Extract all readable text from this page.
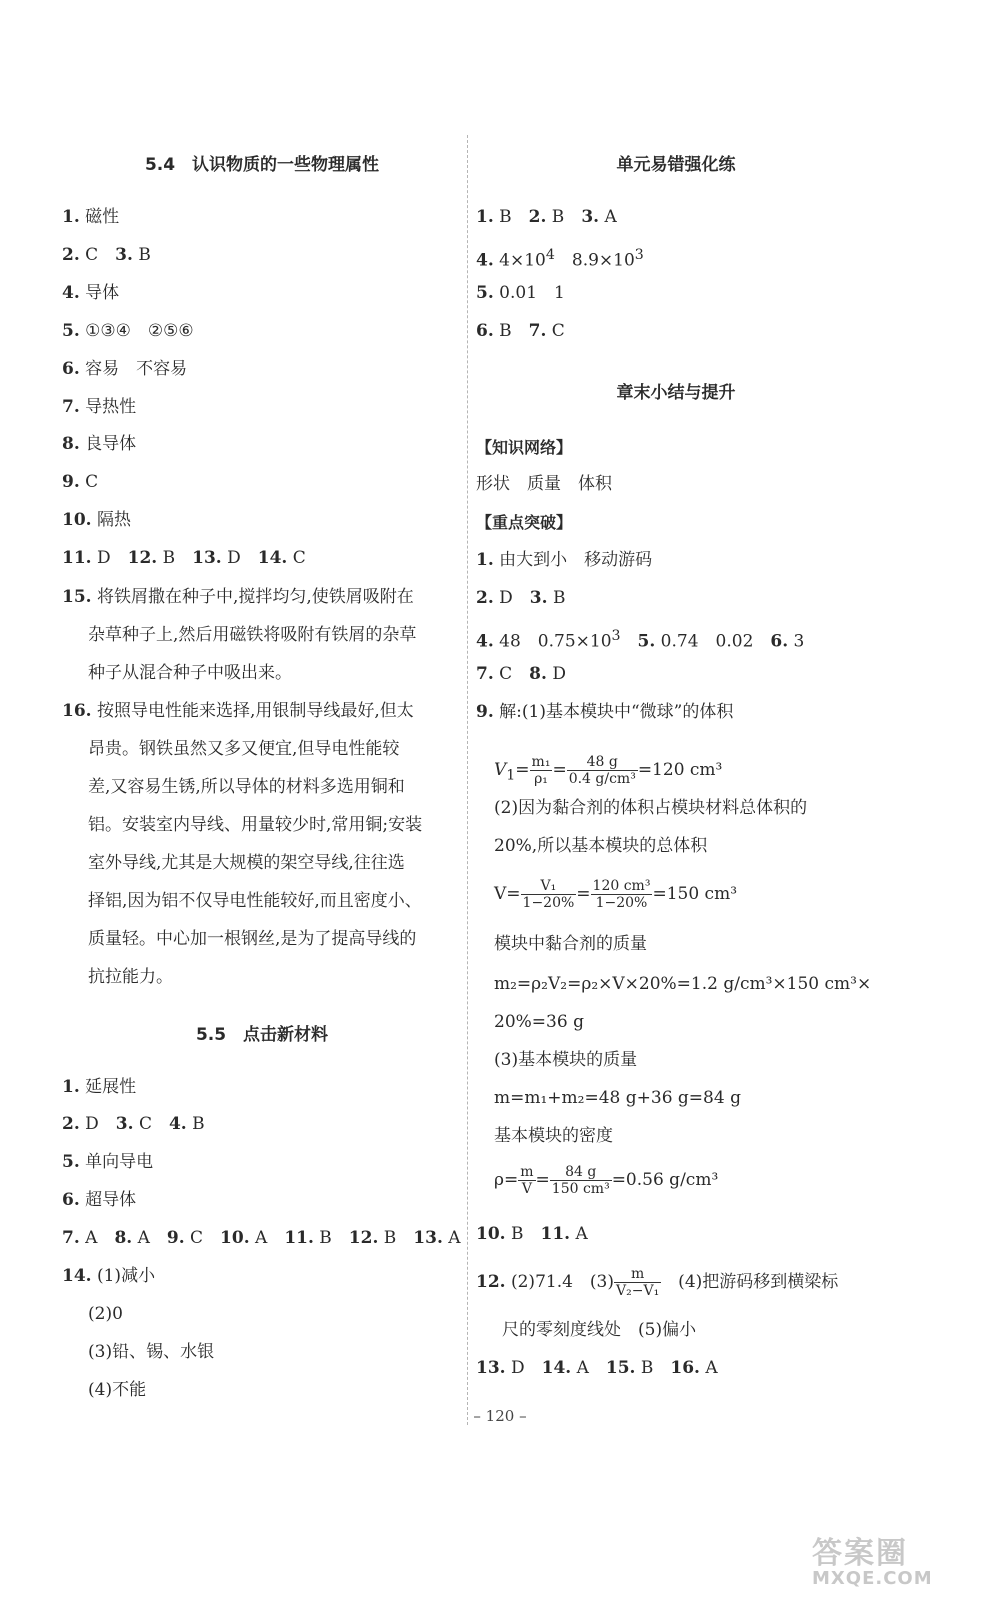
5.4　认识物质的一些物理属性
1. 磁性
2. C　3. B
4. 导体
5. ①③④　②⑤⑥
6. 容易　不容易
7. 导热性
8. 良导体
9. C
10. 隔热
11. D　12. B　13. D　14. C
15. 将铁屑撒在种子中,搅拌均匀,使铁屑吸附在
杂草种子上,然后用磁铁将吸附有铁屑的杂草
种子从混合种子中吸出来。
16. 按照导电性能来选择,用银制导线最好,但太
昂贵。钢铁虽然又多又便宜,但导电性能较
差,又容易生锈,所以导体的材料多选用铜和
铝。安装室内导线、用量较少时,常用铜;安装
室外导线,尤其是大规模的架空导线,往往选
择铝,因为铝不仅导电性能较好,而且密度小、
质量轻。中心加一根钢丝,是为了提高导线的
抗拉能力。
5.5　点击新材料
1. 延展性
2. D　3. C　4. B
5. 单向导电
6. 超导体
7. A　8. A　9. C　10. A　11. B　12. B　13. A
14. (1)减小
(2)0
(3)铅、锡、水银
(4)不能
单元易错强化练
1. B　2. B　3. A
4. $4\times 10^4$　$8.9\times 10^3$
5. 0.01　1
6. B　7. C
章末小结与提升
【知识网络】
形状　质量　体积
【重点突破】
1. 由大到小　移动游码
2. D　3. B
4. 48　$0.75\times 10^3$　 5. 0.74　0.02　6. 3
7. C　8. D
9. 解:(1)基本模块中“微球”的体积
$V_1= \frac{\text{m₁}}{\text{ρ₁}} = \frac{48 g}{\text{0.4 g/cm³}} =120$ cm³
(2)因为黏合剂的体积占模块材料总体积的
20%,所以基本模块的总体积
$V= \frac{\text{V₁}}{1-20\%} = \frac{\text{120 cm³}}{1-20\%} =150$ cm³
模块中黏合剂的质量
m₂=ρ₂V₂=ρ₂×V×20%=1.2 g/cm³×150 cm³×
20%=36 g
(3)基本模块的质量
m=m₁+m₂=48 g+36 g=84 g
基本模块的密度
$\rho= \frac{m}{V} = \frac{84 g}{\text{150 cm³}} =0.56$ g/cm³
10. B　11. A
12. (2)71.4　$(3) \frac{m}{\text{V₂−V₁}}$ 　(4)把游码移到横梁标
尺的零刻度线处　(5)偏小
13. D　14. A　15. B　16. A
– 120 –
答案圈
MXQE.COM
